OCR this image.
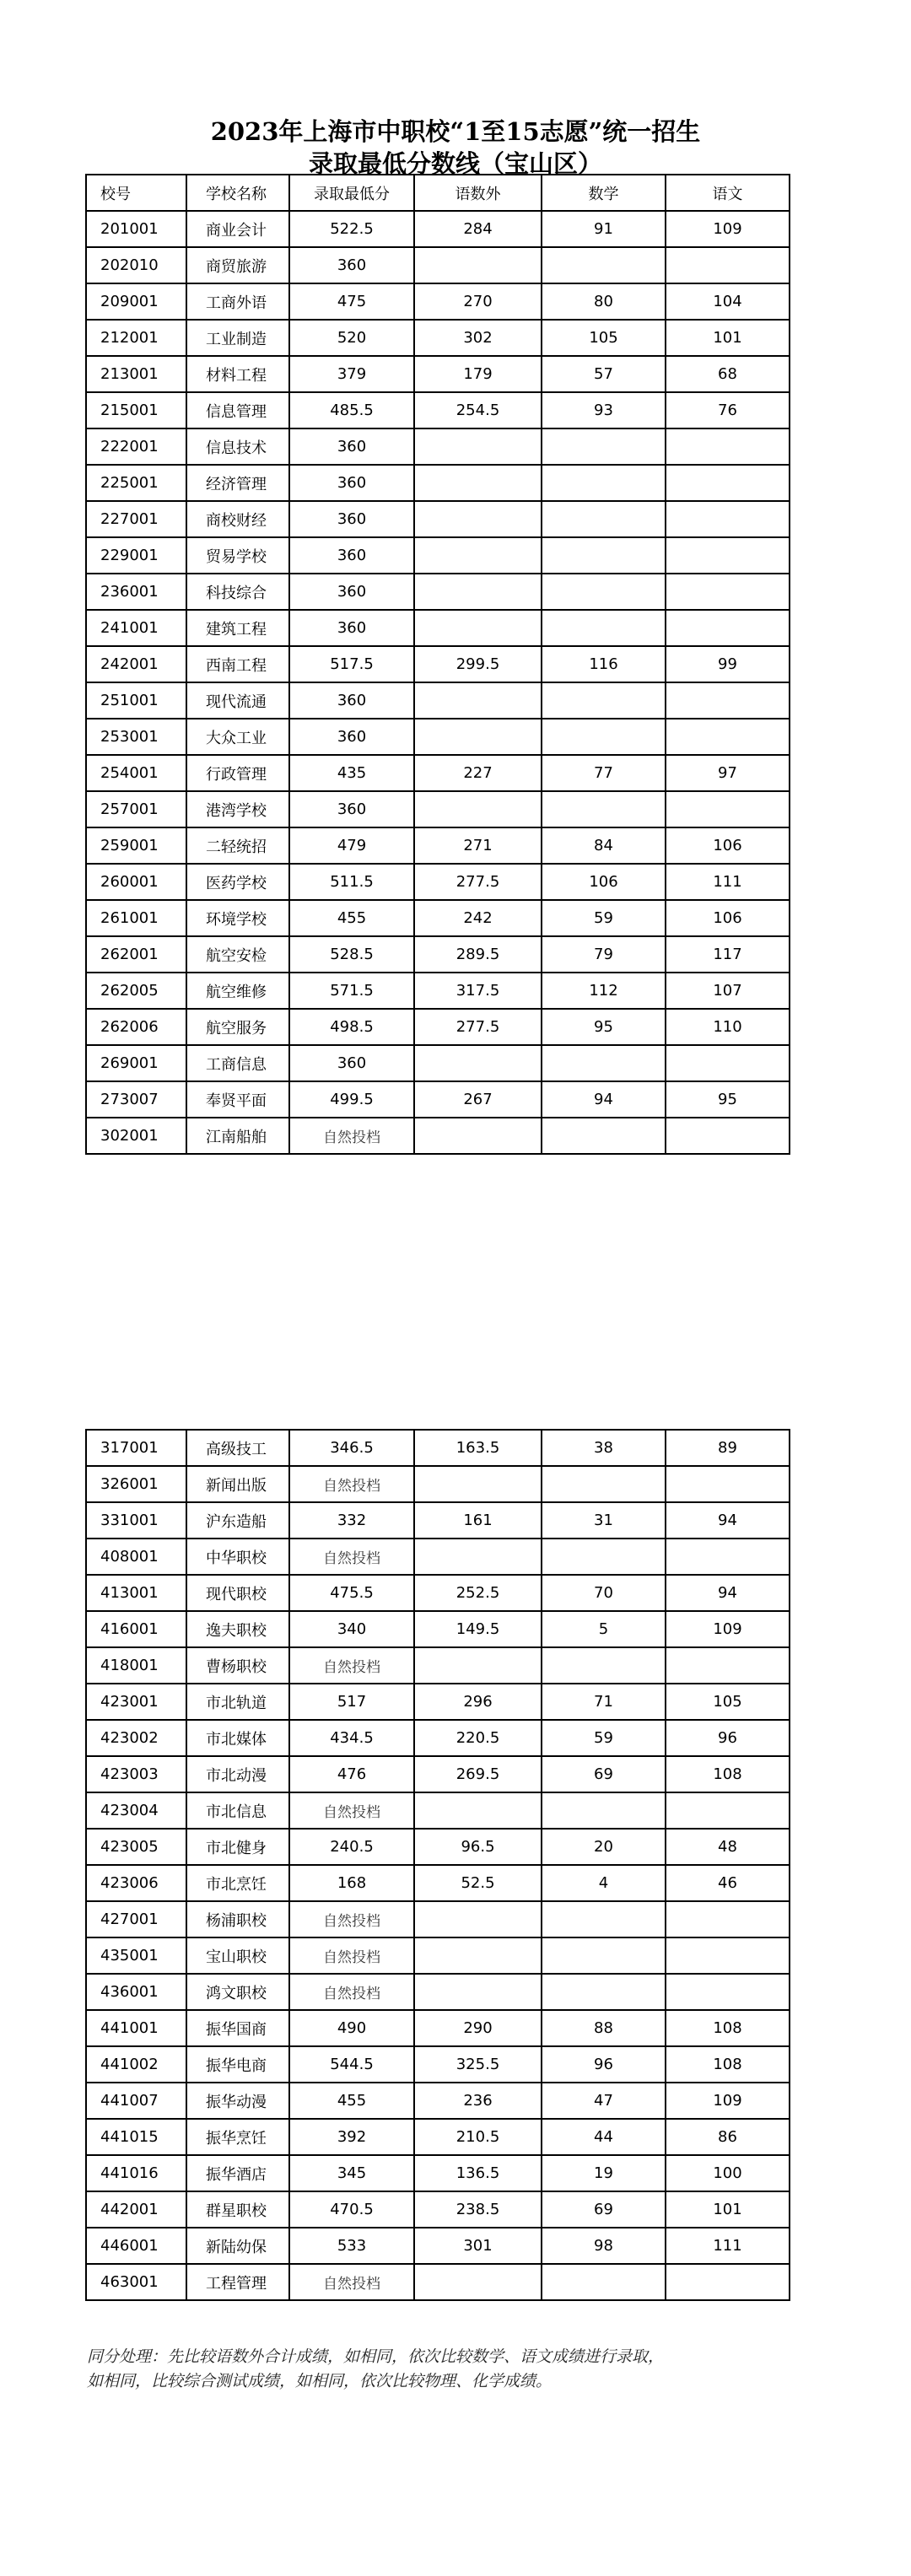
2023年上海市中职校“1至15志愿”统一招生
录取最低分数线（宝山区）
校号	学校名称	录取最低分	语数外	数学	语文
201001	商业会计	522.5	284	91	109
202010	商贸旅游	360			
209001	工商外语	475	270	80	104
212001	工业制造	520	302	105	101
213001	材料工程	379	179	57	68
215001	信息管理	485.5	254.5	93	76
222001	信息技术	360			
225001	经济管理	360			
227001	商校财经	360			
229001	贸易学校	360			
236001	科技综合	360			
241001	建筑工程	360			
242001	西南工程	517.5	299.5	116	99
251001	现代流通	360			
253001	大众工业	360			
254001	行政管理	435	227	77	97
257001	港湾学校	360			
259001	二轻统招	479	271	84	106
260001	医药学校	511.5	277.5	106	111
261001	环境学校	455	242	59	106
262001	航空安检	528.5	289.5	79	117
262005	航空维修	571.5	317.5	112	107
262006	航空服务	498.5	277.5	95	110
269001	工商信息	360			
273007	奉贤平面	499.5	267	94	95
302001	江南船舶	自然投档			
317001	高级技工	346.5	163.5	38	89
326001	新闻出版	自然投档			
331001	沪东造船	332	161	31	94
408001	中华职校	自然投档			
413001	现代职校	475.5	252.5	70	94
416001	逸夫职校	340	149.5	5	109
418001	曹杨职校	自然投档			
423001	市北轨道	517	296	71	105
423002	市北媒体	434.5	220.5	59	96
423003	市北动漫	476	269.5	69	108
423004	市北信息	自然投档			
423005	市北健身	240.5	96.5	20	48
423006	市北烹饪	168	52.5	4	46
427001	杨浦职校	自然投档			
435001	宝山职校	自然投档			
436001	鸿文职校	自然投档			
441001	振华国商	490	290	88	108
441002	振华电商	544.5	325.5	96	108
441007	振华动漫	455	236	47	109
441015	振华烹饪	392	210.5	44	86
441016	振华酒店	345	136.5	19	100
442001	群星职校	470.5	238.5	69	101
446001	新陆幼保	533	301	98	111
463001	工程管理	自然投档			
同分处理：先比较语数外合计成绩，如相同，依次比较数学、语文成绩进行录取，
如相同，比较综合测试成绩，如相同，依次比较物理、化学成绩。
